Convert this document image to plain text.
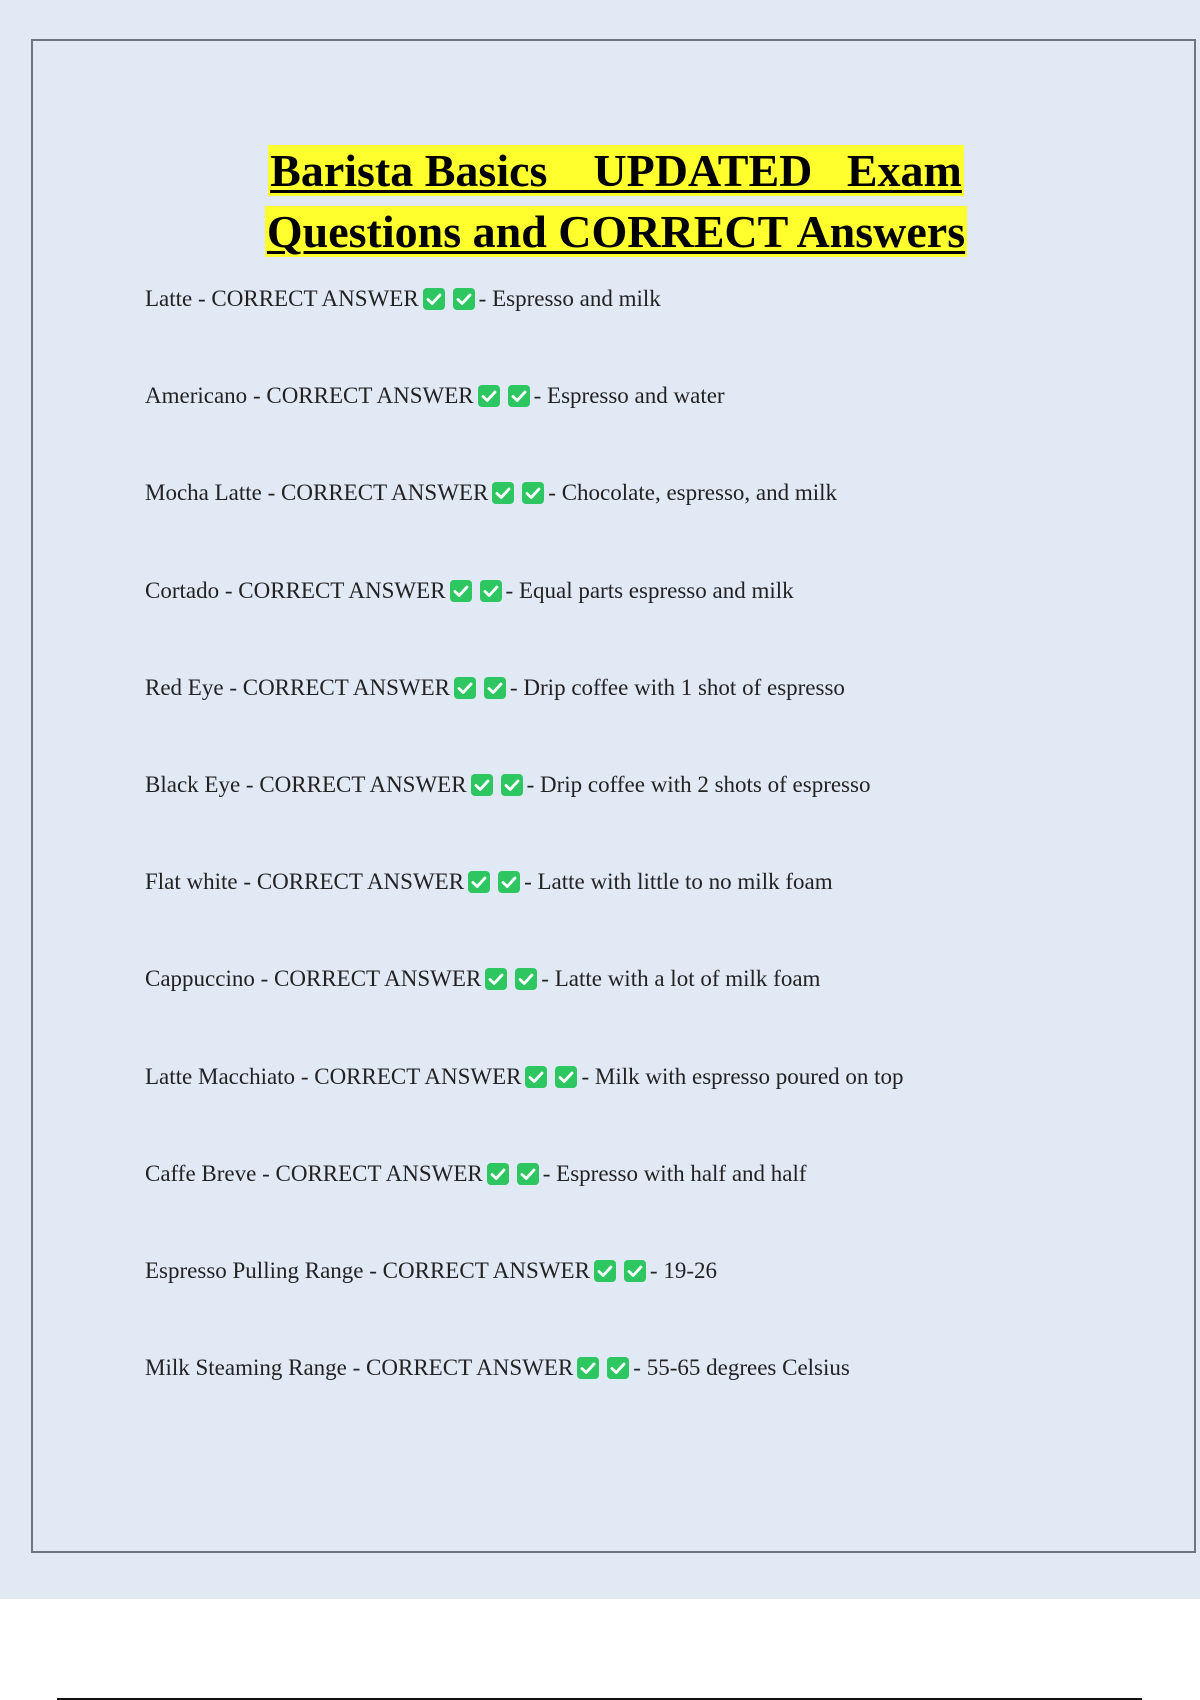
Barista Basics    UPDATED   Exam
Questions and CORRECT Answers
Latte - CORRECT ANSWER	- Espresso and milk
Americano - CORRECT ANSWER	- Espresso and water
Mocha Latte - CORRECT ANSWER	- Chocolate, espresso, and milk
Cortado - CORRECT ANSWER	- Equal parts espresso and milk
Red Eye - CORRECT ANSWER	- Drip coffee with 1 shot of espresso
Black Eye - CORRECT ANSWER	- Drip coffee with 2 shots of espresso
Flat white - CORRECT ANSWER	- Latte with little to no milk foam
Cappuccino - CORRECT ANSWER	- Latte with a lot of milk foam
Latte Macchiato - CORRECT ANSWER	- Milk with espresso poured on top
Caffe Breve - CORRECT ANSWER	- Espresso with half and half
Espresso Pulling Range - CORRECT ANSWER	- 19-26
Milk Steaming Range - CORRECT ANSWER	- 55-65 degrees Celsius
